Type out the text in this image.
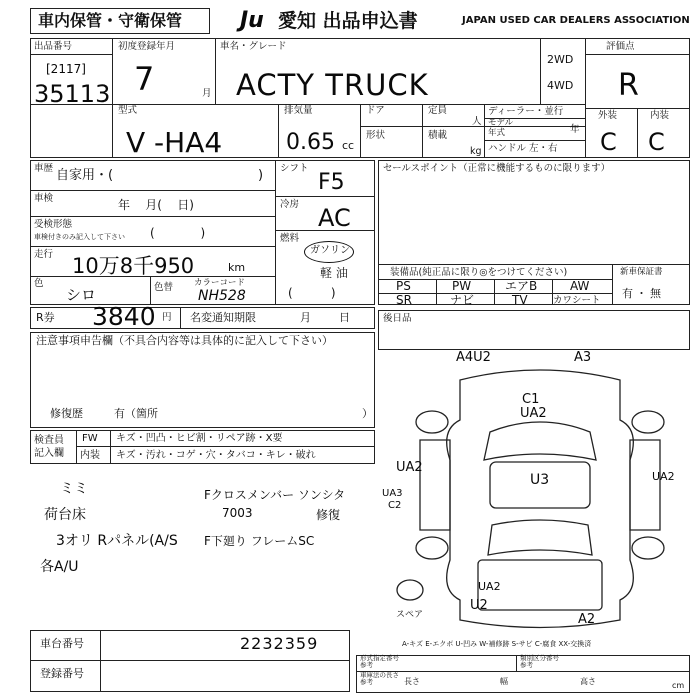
車内保管・守衛保管	Ju 愛知 出品申込書	JAPAN USED CAR DEALERS ASSOCIATION
出品番号
[2117]
35113
初度登録年月
7	月
車名・グレード
ACTY TRUCK
2WD
4WD
評価点
R
型式
V -HA4
排気量
0.65 cc
ドア	定員
人
形状	積載
kg
ディーラー・並行
モデル
年式	年
ハンドル 左・右
外装	内装
C C
車歴 自家用・(	)
車検	年    月(    日)
受検形態
車検付きのみ記入して下さい (            )
走行 10万8千950	km
色
シロ	色替 カラーコード
NH528
シフト
F5
冷房 AC
燃料
ガソリン
軽 油
(          )
セールスポイント（正常に機能するものに限ります）
装備品(純正品に限り◎をつけてください)
PS	PW	エアB	AW
SR	ナビ	TV	カワシート
新車保証書
有・無
後日品
R券 3840 円 名変通知期限	月        日
注意事項申告欄（不具合内容等は具体的に記入して下さい）
修復歴	有（箇所	）
検査員
記入欄
FW キズ・凹凸・ヒビ割・リペア跡・X要
内装 キズ・汚れ・コゲ・穴・タバコ・キレ・破れ
ミミ
荷台床
3オリ Rパネル(A/S
各A/U
Fクロスメンバー ソンシタ
7003
F下廻り フレームSC
修復
A4U2	A3
C1
UA2
UA2
U3	UA2
UA3
C2
U2
A2
UA2
スペア
A-キズ E-エクボ U-凹み W-補修跡 S-サビ C-腐食 XX-交換済
車台番号	2232359
登録番号
形式指定番号
参考
類別区分番号
参考
車庫法の長さ
参考	長さ	幅	高さ	cm
